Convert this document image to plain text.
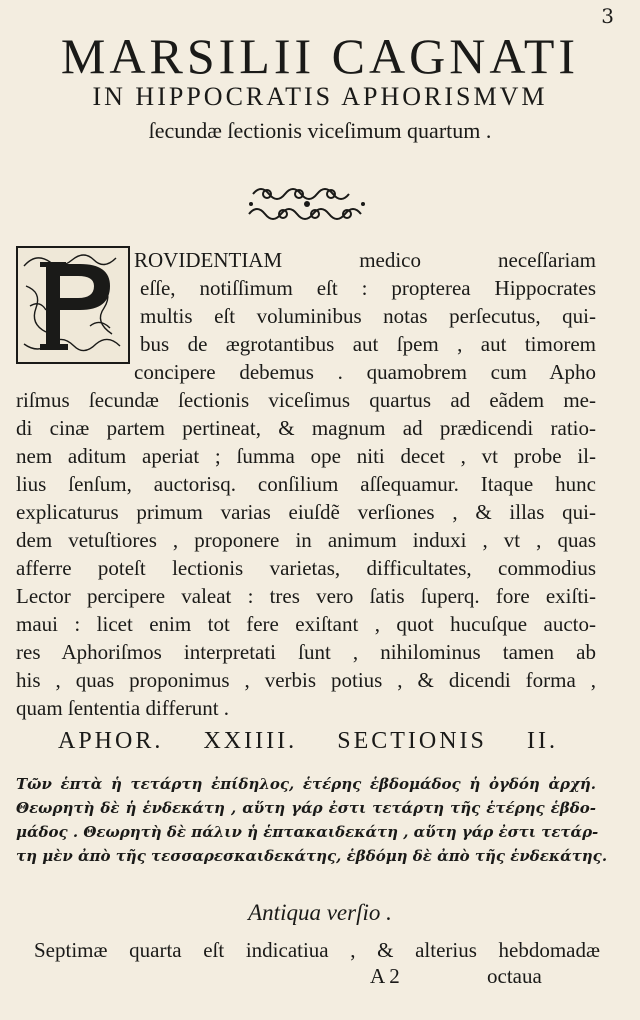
3
MARSILII CAGNATI
IN HIPPOCRATIS APHORISMVM
ſecundæ ſectionis viceſimum quartum .
ROVIDENTIAM medico neceſſariam
eſſe, notiſſimum eſt : propterea Hippocrates
multis eſt voluminibus notas perſecutus, qui-
bus de ægrotantibus aut ſpem , aut timorem
concipere debemus . quamobrem cum Apho
riſmus ſecundæ ſectionis viceſimus quartus ad eãdem me-
di cinæ partem pertineat, & magnum ad prædicendi ratio-
nem aditum aperiat ; ſumma ope niti decet , vt probe il-
lius ſenſum, auctorisq. conſilium aſſequamur. Itaque hunc
explicaturus primum varias eiuſdẽ verſiones , & illas qui-
dem vetuſtiores , proponere in animum induxi , vt , quas
afferre poteſt lectionis varietas, difficultates, commodius
Lector percipere valeat : tres vero ſatis ſuperq. fore exiſti-
maui : licet enim tot fere exiſtant , quot hucuſque aucto-
res Aphoriſmos interpretati ſunt , nihilominus tamen ab
his , quas proponimus , verbis potius , & dicendi forma ,
quam ſententia differunt .
APHOR. XXIIII. SECTIONIS II.
Τῶν ἑπτὰ ἡ τετάρτη ἐπίδηλος, ἑτέρης ἑβδομάδος ἡ ὀγδόη ἀρχή.
Θεωρητὴ δὲ ἡ ἑνδεκάτη , αὕτη γάρ ἐστι τετάρτη τῆς ἑτέρης ἑβδο-
μάδος . Θεωρητὴ δὲ πάλιν ἡ ἑπτακαιδεκάτη , αὕτη γάρ ἐστι τετάρ-
τη μὲν ἀπὸ τῆς τεσσαρεσκαιδεκάτης, ἑβδόμη δὲ ἀπὸ τῆς ἑνδεκάτης.
Antiqua verſio .
Septimæ quarta eſt indicatiua , & alterius hebdomadæ
A 2	octaua
